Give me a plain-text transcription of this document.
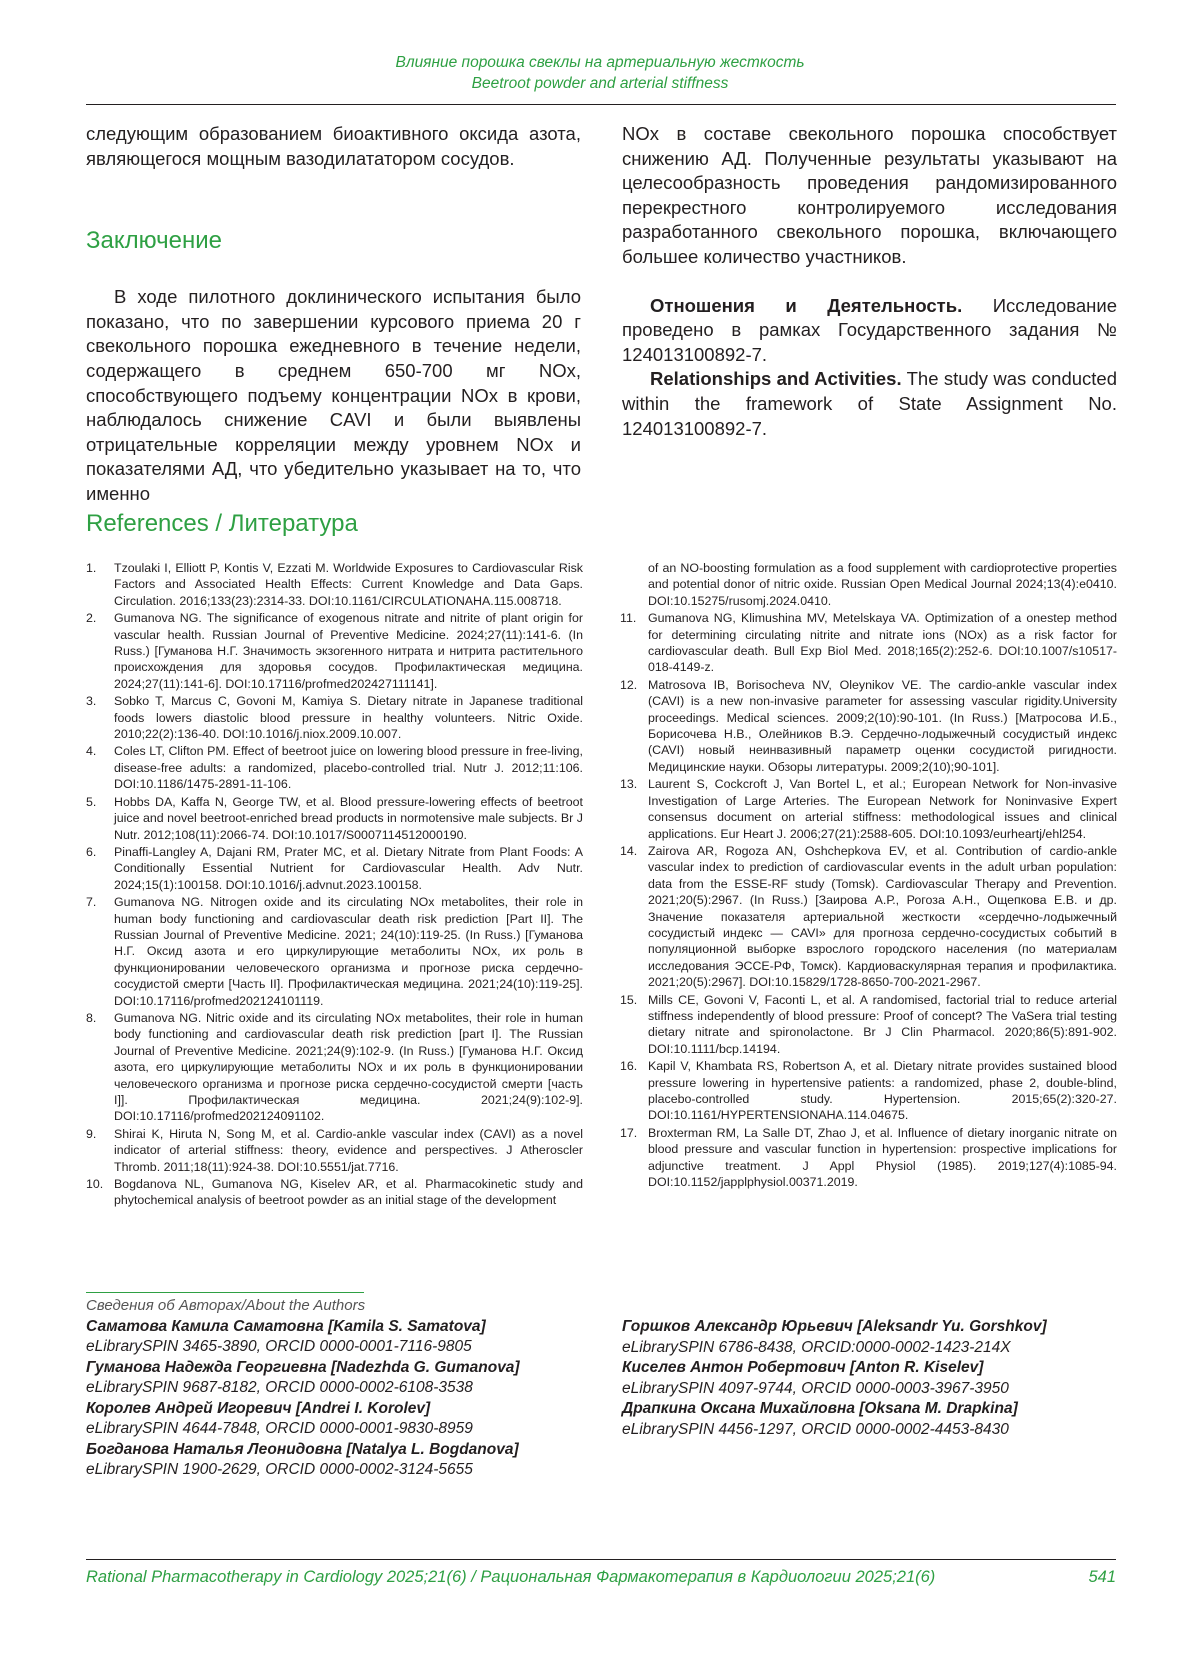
Влияние порошка свеклы на артериальную жесткость
Beetroot powder and arterial stiffness

следующим образованием биоактивного оксида азота, являющегося мощным вазодилататором сосудов.

Заключение

В ходе пилотного доклинического испытания было показано, что по завершении курсового приема 20 г свекольного порошка ежедневного в течение недели, содержащего в среднем 650-700 мг NOx, способствующего подъему концентрации NOx в крови, наблюдалось снижение CAVI и были выявлены отрицательные корреляции между уровнем NOx и показателями АД, что убедительно указывает на то, что именно

NOx в составе свекольного порошка способствует снижению АД. Полученные результаты указывают на целесообразность проведения рандомизированного перекрестного контролируемого исследования разработанного свекольного порошка, включающего большее количество участников.

Отношения и Деятельность. Исследование проведено в рамках Государственного задания № 124013100892-7.

Relationships and Activities. The study was conducted within the framework of State Assignment No. 124013100892-7.

References / Литература
1. Tzoulaki I, Elliott P, Kontis V, Ezzati M. Worldwide Exposures to Cardiovascular Risk Factors and Associated Health Effects: Current Knowledge and Data Gaps. Circulation. 2016;133(23):2314-33. DOI:10.1161/CIRCULATIONAHA.115.008718.
2. Gumanova NG. The significance of exogenous nitrate and nitrite of plant origin for vascular health. Russian Journal of Preventive Medicine. 2024;27(11):141-6. (In Russ.) [Гуманова Н.Г. Значимость экзогенного нитрата и нитрита растительного происхождения для здоровья сосудов. Профилактическая медицина. 2024;27(11):141-6]. DOI:10.17116/profmed202427111141].
3. Sobko T, Marcus C, Govoni M, Kamiya S. Dietary nitrate in Japanese traditional foods lowers diastolic blood pressure in healthy volunteers. Nitric Oxide. 2010;22(2):136-40. DOI:10.1016/j.niox.2009.10.007.
4. Coles LT, Clifton PM. Effect of beetroot juice on lowering blood pressure in free-living, disease-free adults: a randomized, placebo-controlled trial. Nutr J. 2012;11:106. DOI:10.1186/1475-2891-11-106.
5. Hobbs DA, Kaffa N, George TW, et al. Blood pressure-lowering effects of beetroot juice and novel beetroot-enriched bread products in normotensive male subjects. Br J Nutr. 2012;108(11):2066-74. DOI:10.1017/S0007114512000190.
6. Pinaffi-Langley A, Dajani RM, Prater MC, et al. Dietary Nitrate from Plant Foods: A Conditionally Essential Nutrient for Cardiovascular Health. Adv Nutr. 2024;15(1):100158. DOI:10.1016/j.advnut.2023.100158.
7. Gumanova NG. Nitrogen oxide and its circulating NOx metabolites, their role in human body functioning and cardiovascular death risk prediction [Part II]. The Russian Journal of Preventive Medicine. 2021; 24(10):119-25. (In Russ.) [Гуманова Н.Г. Оксид азота и его циркулирующие метаболиты NOx, их роль в функционировании человеческого организма и прогнозе риска сердечно-сосудистой смерти [Часть II]. Профилактическая медицина. 2021;24(10):119-25]. DOI:10.17116/profmed202124101119.
8. Gumanova NG. Nitric oxide and its circulating NOx metabolites, their role in human body functioning and cardiovascular death risk prediction [part I]. The Russian Journal of Preventive Medicine. 2021;24(9):102-9. (In Russ.) [Гуманова Н.Г. Оксид азота, его циркулирующие метаболиты NOx и их роль в функционировании человеческого организма и прогнозе риска сердечно-сосудистой смерти [часть I]]. Профилактическая медицина. 2021;24(9):102-9]. DOI:10.17116/profmed202124091102.
9. Shirai K, Hiruta N, Song M, et al. Cardio-ankle vascular index (CAVI) as a novel indicator of arterial stiffness: theory, evidence and perspectives. J Atheroscler Thromb. 2011;18(11):924-38. DOI:10.5551/jat.7716.
10. Bogdanova NL, Gumanova NG, Kiselev AR, et al. Pharmacokinetic study and phytochemical analysis of beetroot powder as an initial stage of the development
of an NO-boosting formulation as a food supplement with cardioprotective properties and potential donor of nitric oxide. Russian Open Medical Journal 2024;13(4):e0410. DOI:10.15275/rusomj.2024.0410.
11. Gumanova NG, Klimushina MV, Metelskaya VA. Optimization of a onestep method for determining circulating nitrite and nitrate ions (NOx) as a risk factor for cardiovascular death. Bull Exp Biol Med. 2018;165(2):252-6. DOI:10.1007/s10517-018-4149-z.
12. Matrosova IB, Borisocheva NV, Oleynikov VE. The cardio-ankle vascular index (CAVI) is a new non-invasive parameter for assessing vascular rigidity.University proceedings. Medical sciences. 2009;2(10):90-101. (In Russ.) [Матросова И.Б., Борисочева Н.В., Олейников В.Э. Сердечно-лодыжечный сосудистый индекс (CAVI) новый неинвазивный параметр оценки сосудистой ригидности. Медицинские науки. Обзоры литературы. 2009;2(10);90-101].
13. Laurent S, Cockcroft J, Van Bortel L, et al.; European Network for Non-invasive Investigation of Large Arteries. The European Network for Noninvasive Expert consensus document on arterial stiffness: methodological issues and clinical applications. Eur Heart J. 2006;27(21):2588-605. DOI:10.1093/eurheartj/ehl254.
14. Zairova AR, Rogoza AN, Oshchepkova EV, et al. Contribution of cardio-ankle vascular index to prediction of cardiovascular events in the adult urban population: data from the ESSE-RF study (Tomsk). Cardiovascular Therapy and Prevention. 2021;20(5):2967. (In Russ.) [Заирова А.Р., Рогоза А.Н., Ощепкова Е.В. и др. Значение показателя артериальной жесткости «сердечно-лодыжечный сосудистый индекс — CAVI» для прогноза сердечно-сосудистых событий в популяционной выборке взрослого городского населения (по материалам исследования ЭССЕ-РФ, Томск). Кардиоваскулярная терапия и профилактика. 2021;20(5):2967]. DOI:10.15829/1728-8650-700-2021-2967.
15. Mills CE, Govoni V, Faconti L, et al. A randomised, factorial trial to reduce arterial stiffness independently of blood pressure: Proof of concept? The VaSera trial testing dietary nitrate and spironolactone. Br J Clin Pharmacol. 2020;86(5):891-902. DOI:10.1111/bcp.14194.
16. Kapil V, Khambata RS, Robertson A, et al. Dietary nitrate provides sustained blood pressure lowering in hypertensive patients: a randomized, phase 2, double-blind, placebo-controlled study. Hypertension. 2015;65(2):320-27. DOI:10.1161/HYPERTENSIONAHA.114.04675.
17. Broxterman RM, La Salle DT, Zhao J, et al. Influence of dietary inorganic nitrate on blood pressure and vascular function in hypertension: prospective implications for adjunctive treatment. J Appl Physiol (1985). 2019;127(4):1085-94. DOI:10.1152/japplphysiol.00371.2019.
Сведения об Авторах/About the Authors
Саматова Камила Саматовна [Kamila S. Samatova]
eLibrarySPIN 3465-3890, ORCID 0000-0001-7116-9805
Гуманова Надежда Георгиевна [Nadezhda G. Gumanova]
eLibrarySPIN 9687-8182, ORCID 0000-0002-6108-3538
Королев Андрей Игоревич [Andrei I. Korolev]
eLibrarySPIN 4644-7848, ORCID 0000-0001-9830-8959
Богданова Наталья Леонидовна [Natalya L. Bogdanova]
eLibrarySPIN 1900-2629, ORCID 0000-0002-3124-5655
Горшков Александр Юрьевич [Aleksandr Yu. Gorshkov]
eLibrarySPIN 6786-8438, ORCID:0000-0002-1423-214X
Киселев Антон Робертович [Anton R. Kiselev]
eLibrarySPIN 4097-9744, ORCID 0000-0003-3967-3950
Драпкина Оксана Михайловна [Oksana M. Drapkina]
eLibrarySPIN 4456-1297, ORCID 0000-0002-4453-8430
Rational Pharmacotherapy in Cardiology 2025;21(6) / Рациональная Фармакотерапия в Кардиологии 2025;21(6)	541
